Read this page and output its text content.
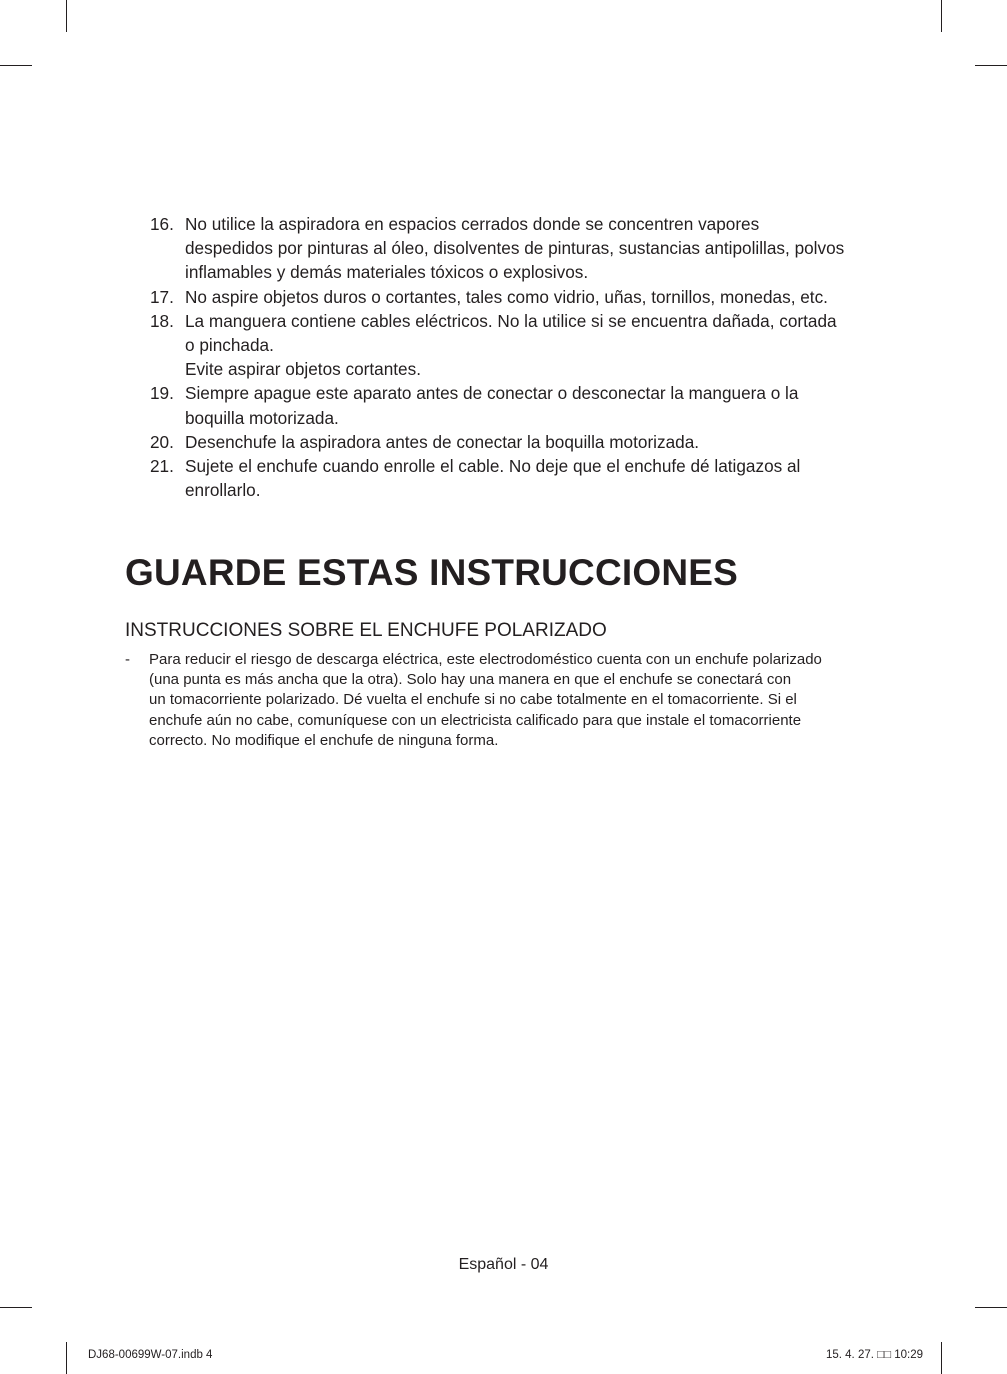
16. No utilice la aspiradora en espacios cerrados donde se concentren vapores
despedidos por pinturas al óleo, disolventes de pinturas, sustancias antipolillas, polvos
inflamables y demás materiales tóxicos o explosivos.
17. No aspire objetos duros o cortantes, tales como vidrio, uñas, tornillos, monedas, etc.
18. La manguera contiene cables eléctricos. No la utilice si se encuentra dañada, cortada
o pinchada.
Evite aspirar objetos cortantes.
19. Siempre apague este aparato antes de conectar o desconectar la manguera o la
boquilla motorizada.
20. Desenchufe la aspiradora antes de conectar la boquilla motorizada.
21. Sujete el enchufe cuando enrolle el cable. No deje que el enchufe dé latigazos al
enrollarlo.
GUARDE ESTAS INSTRUCCIONES
INSTRUCCIONES SOBRE EL ENCHUFE POLARIZADO
-	Para reducir el riesgo de descarga eléctrica, este electrodoméstico cuenta con un enchufe polarizado
(una punta es más ancha que la otra). Solo hay una manera en que el enchufe se conectará con
un tomacorriente polarizado. Dé vuelta el enchufe si no cabe totalmente en el tomacorriente. Si el
enchufe aún no cabe, comuníquese con un electricista calificado para que instale el tomacorriente
correcto. No modifique el enchufe de ninguna forma.
Español - 04
DJ68-00699W-07.indb 4	15. 4. 27. □□ 10:29
